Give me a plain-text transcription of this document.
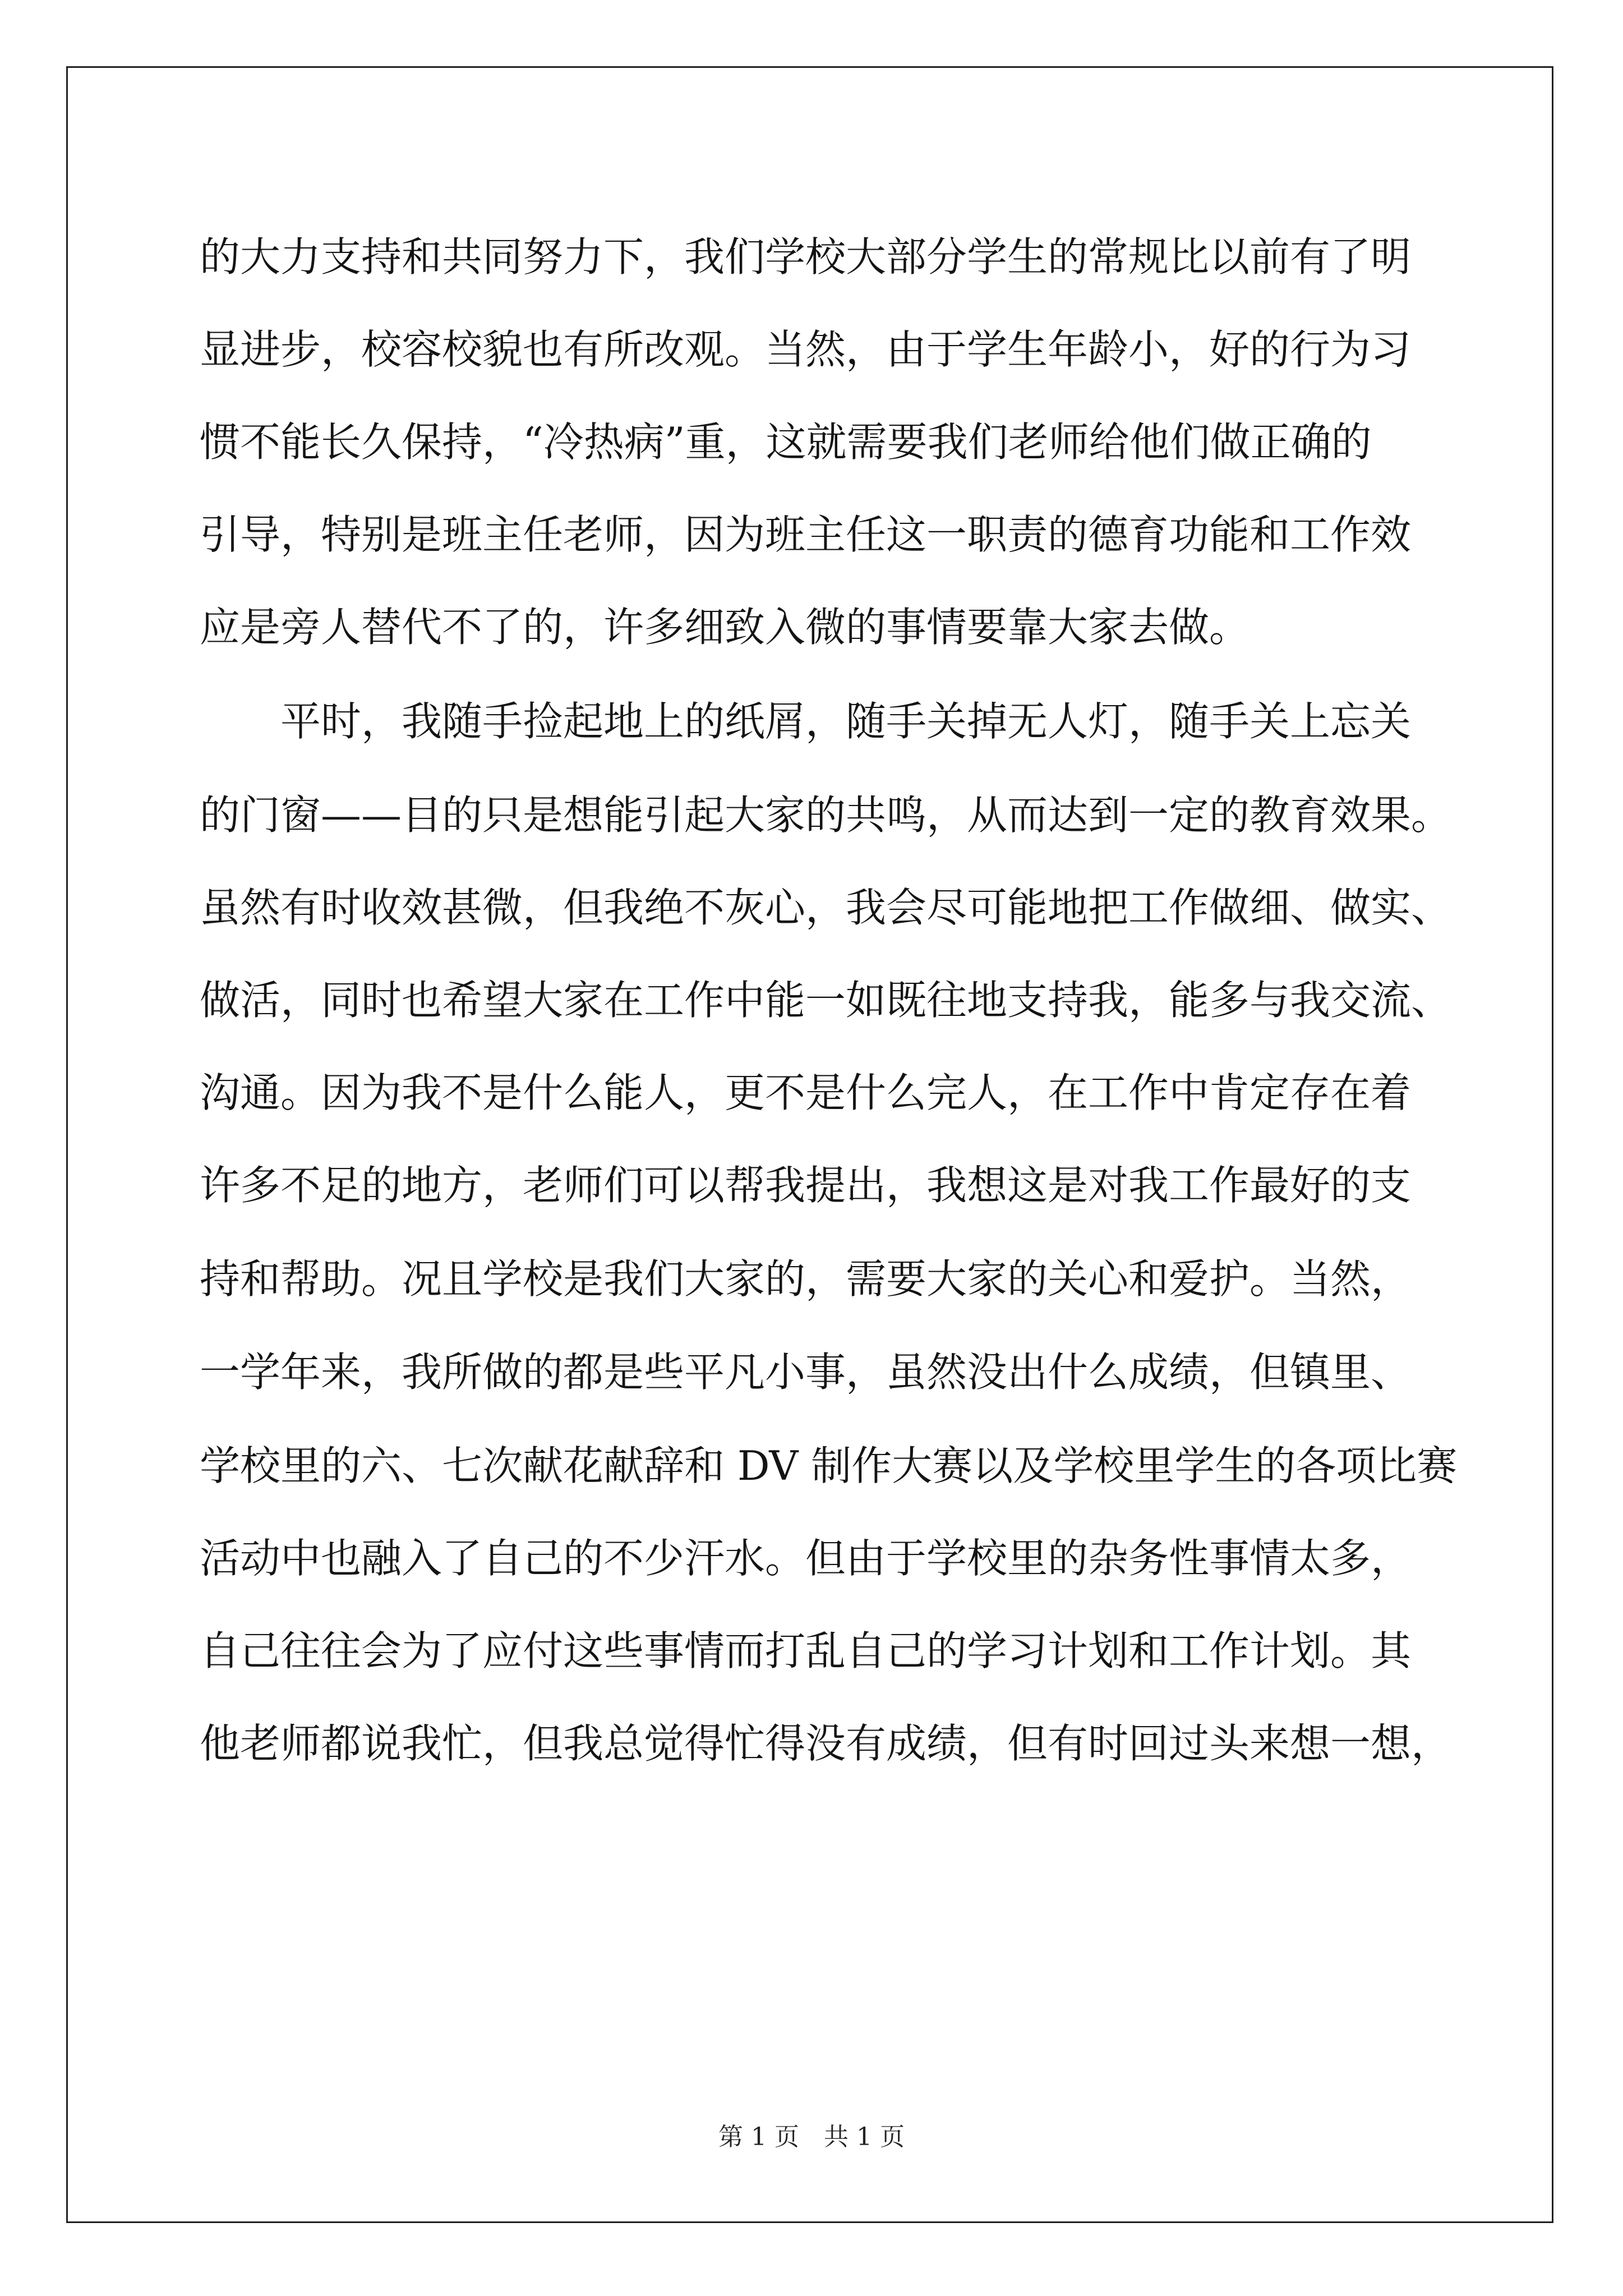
的大力支持和共同努力下，我们学校大部分学生的常规比以前有了明
显进步，校容校貌也有所改观。当然，由于学生年龄小，好的行为习
惯不能长久保持，“冷热病”重，这就需要我们老师给他们做正确的
引导，特别是班主任老师，因为班主任这一职责的德育功能和工作效
应是旁人替代不了的，许多细致入微的事情要靠大家去做。
平时，我随手捡起地上的纸屑，随手关掉无人灯，随手关上忘关
的门窗——目的只是想能引起大家的共鸣，从而达到一定的教育效果。
虽然有时收效甚微，但我绝不灰心，我会尽可能地把工作做细、做实、
做活，同时也希望大家在工作中能一如既往地支持我，能多与我交流、
沟通。因为我不是什么能人，更不是什么完人，在工作中肯定存在着
许多不足的地方，老师们可以帮我提出，我想这是对我工作最好的支
持和帮助。况且学校是我们大家的，需要大家的关心和爱护。当然，
一学年来，我所做的都是些平凡小事，虽然没出什么成绩，但镇里、
学校里的六、七次献花献辞和 DV 制作大赛以及学校里学生的各项比赛
活动中也融入了自己的不少汗水。但由于学校里的杂务性事情太多，
自己往往会为了应付这些事情而打乱自己的学习计划和工作计划。其
他老师都说我忙，但我总觉得忙得没有成绩，但有时回过头来想一想，
第 1 页　共 1 页
